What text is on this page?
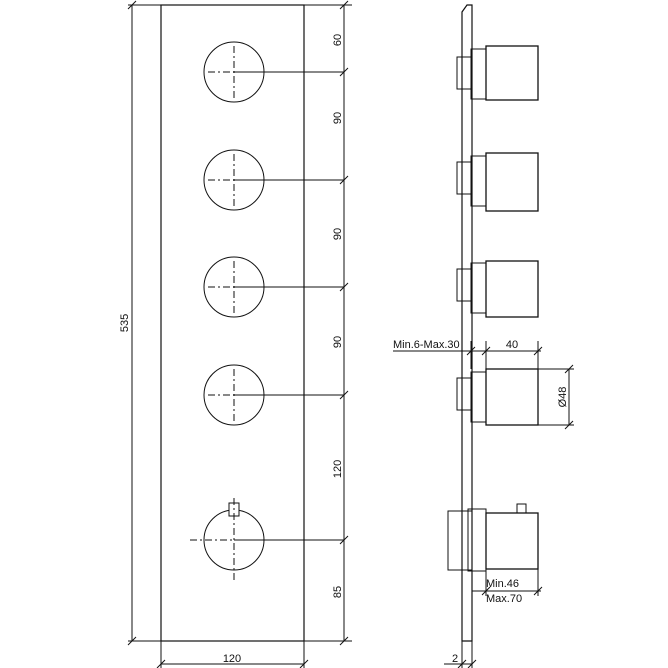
535
120
60
90
90
90
120
85
Min.6-Max.30	40
Ø48
Min.46
Max.70
2
